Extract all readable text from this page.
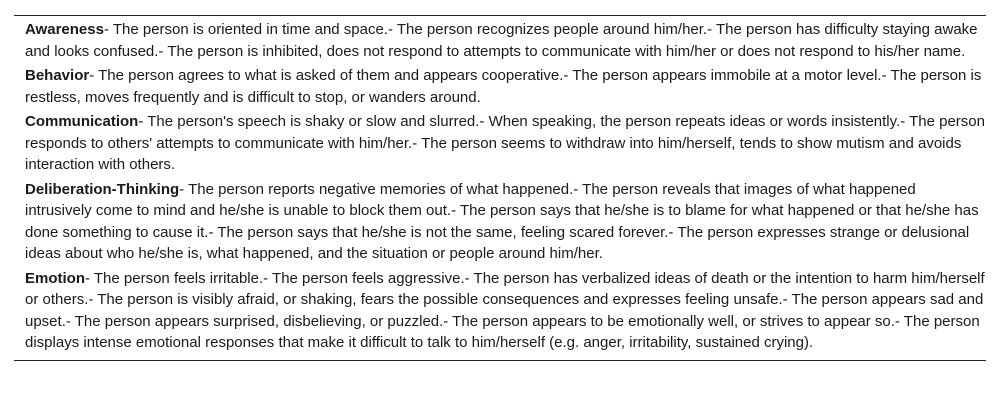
Awareness- The person is oriented in time and space.- The person recognizes people around him/her.- The person has difficulty staying awake and looks confused.- The person is inhibited, does not respond to attempts to communicate with him/her or does not respond to his/her name.
Behavior- The person agrees to what is asked of them and appears cooperative.- The person appears immobile at a motor level.- The person is restless, moves frequently and is difficult to stop, or wanders around.
Communication- The person's speech is shaky or slow and slurred.- When speaking, the person repeats ideas or words insistently.- The person responds to others' attempts to communicate with him/her.- The person seems to withdraw into him/herself, tends to show mutism and avoids interaction with others.
Deliberation-Thinking- The person reports negative memories of what happened.- The person reveals that images of what happened intrusively come to mind and he/she is unable to block them out.- The person says that he/she is to blame for what happened or that he/she has done something to cause it.- The person says that he/she is not the same, feeling scared forever.- The person expresses strange or delusional ideas about who he/she is, what happened, and the situation or people around him/her.
Emotion- The person feels irritable.- The person feels aggressive.- The person has verbalized ideas of death or the intention to harm him/herself or others.- The person is visibly afraid, or shaking, fears the possible consequences and expresses feeling unsafe.- The person appears sad and upset.- The person appears surprised, disbelieving, or puzzled.- The person appears to be emotionally well, or strives to appear so.- The person displays intense emotional responses that make it difficult to talk to him/herself (e.g. anger, irritability, sustained crying).
